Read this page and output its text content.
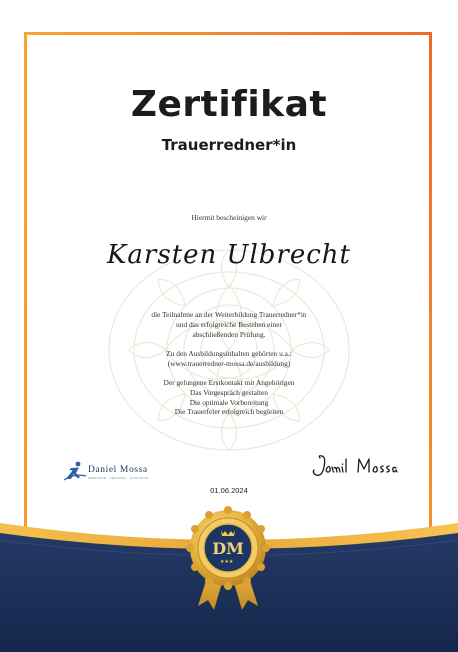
Zertifikat
Trauerredner*in
Hiermit bescheinigen wir
Karsten Ulbrecht
die Teilnahme an der Weiterbildung Trauerredner*in
und das erfolgreiche Bestehen einer
abschließenden Prüfung.
Zu den Ausbildungsinhalten gehörten u.a.:
(www.trauerredner-mossa.de/ausbildung)
Der gelungene Erstkontakt mit Angehörigen
Das Vorgespräch gestalten
Die optimale Vorbereitung
Die Trauerfeier erfolgreich begleiten
Daniel Mossa
SEMINARE · TRAINING · COACHING
01.06.2024
★★★
DM
